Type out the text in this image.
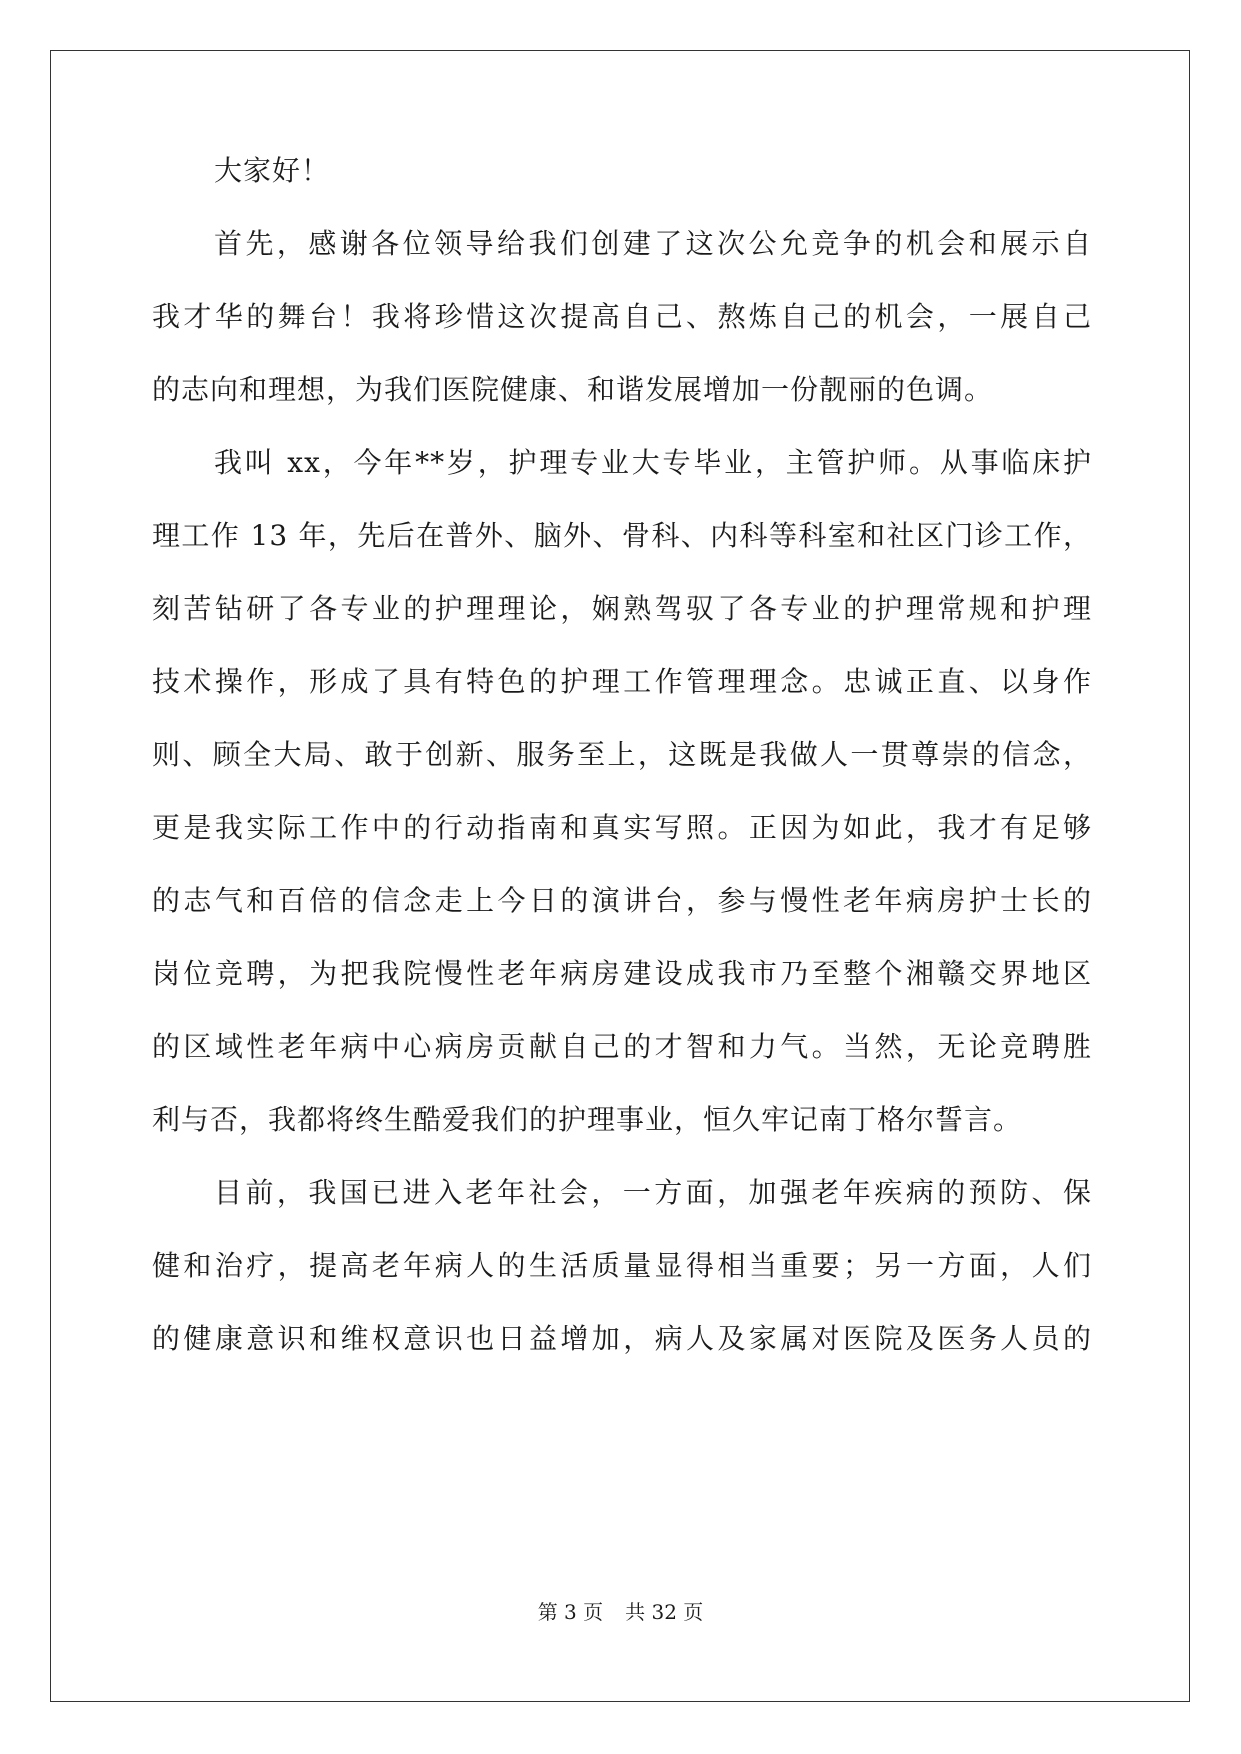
大家好！
首先，感谢各位领导给我们创建了这次公允竞争的机会和展示自
我才华的舞台！我将珍惜这次提高自己、熬炼自己的机会，一展自己
的志向和理想，为我们医院健康、和谐发展增加一份靓丽的色调。
我叫 xx，今年**岁，护理专业大专毕业，主管护师。从事临床护
理工作 13 年，先后在普外、脑外、骨科、内科等科室和社区门诊工作，
刻苦钻研了各专业的护理理论，娴熟驾驭了各专业的护理常规和护理
技术操作，形成了具有特色的护理工作管理理念。忠诚正直、以身作
则、顾全大局、敢于创新、服务至上，这既是我做人一贯尊崇的信念，
更是我实际工作中的行动指南和真实写照。正因为如此，我才有足够
的志气和百倍的信念走上今日的演讲台，参与慢性老年病房护士长的
岗位竞聘，为把我院慢性老年病房建设成我市乃至整个湘赣交界地区
的区域性老年病中心病房贡献自己的才智和力气。当然，无论竞聘胜
利与否，我都将终生酷爱我们的护理事业，恒久牢记南丁格尔誓言。
目前，我国已进入老年社会，一方面，加强老年疾病的预防、保
健和治疗，提高老年病人的生活质量显得相当重要；另一方面，人们
的健康意识和维权意识也日益增加，病人及家属对医院及医务人员的
第 3 页 共 32 页
